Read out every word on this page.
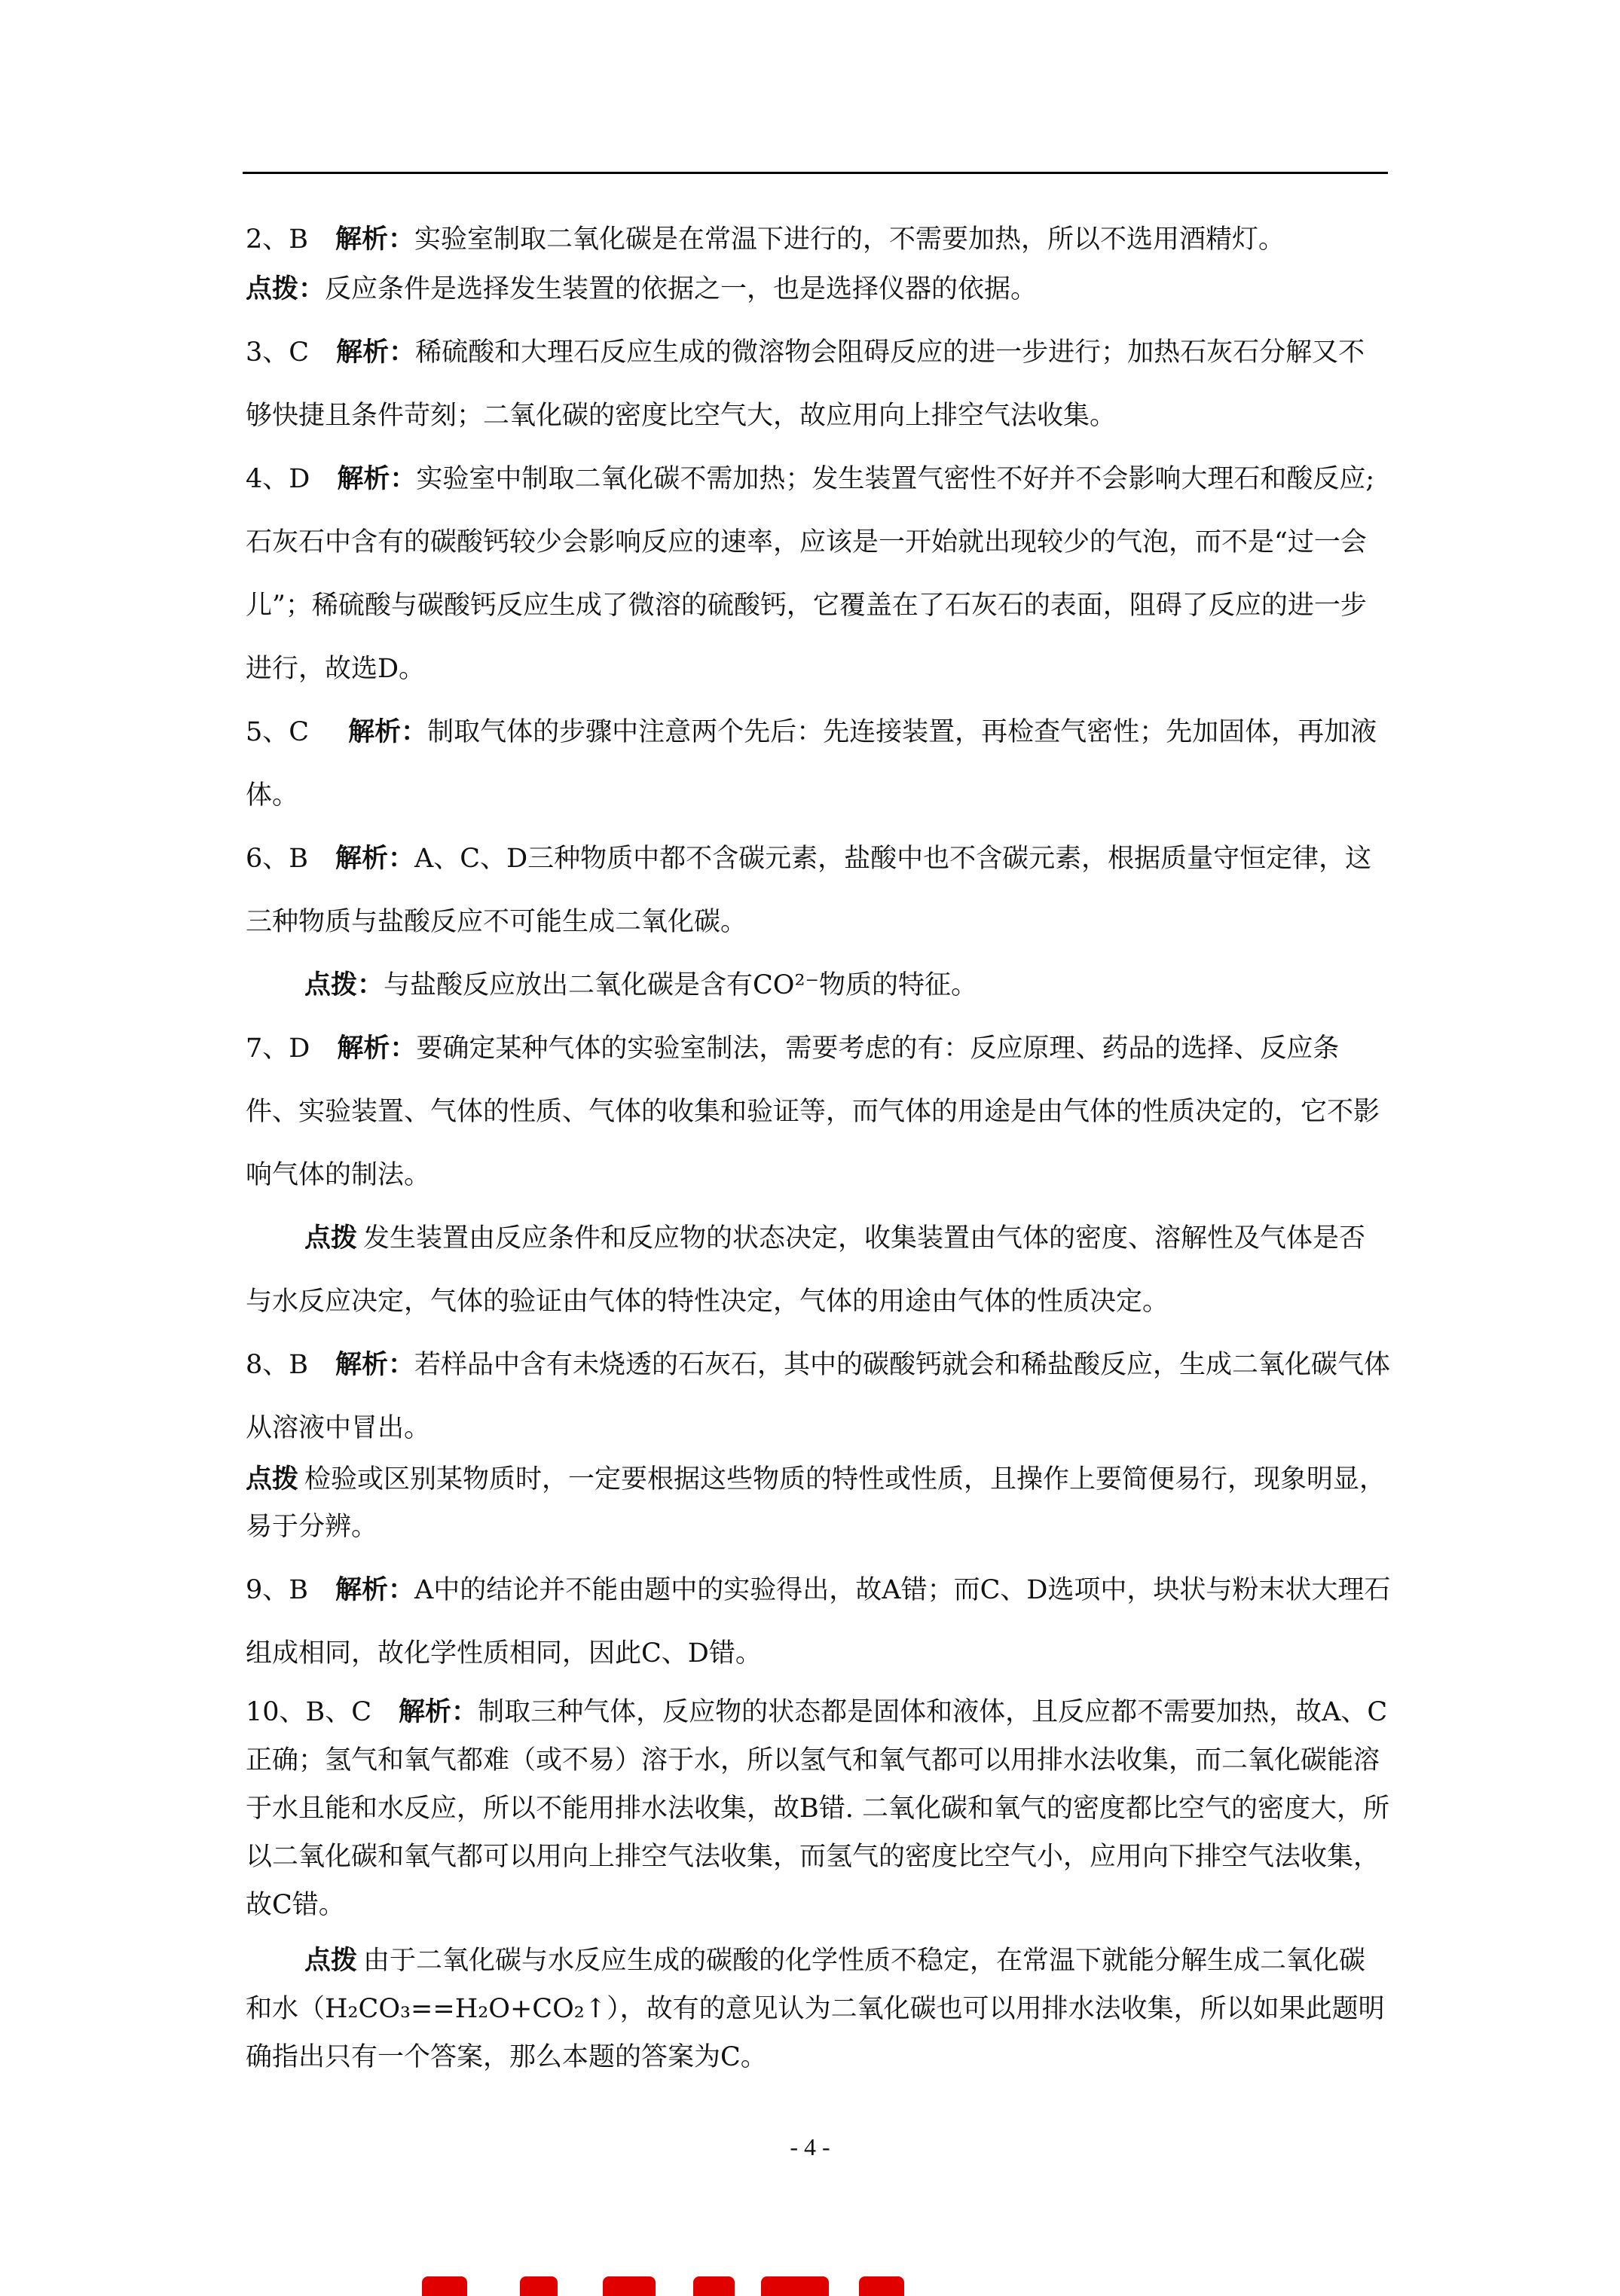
2、B 解析：实验室制取二氧化碳是在常温下进行的，不需要加热，所以不选用酒精灯。

点拨：反应条件是选择发生装置的依据之一，也是选择仪器的依据。

3、C 解析：稀硫酸和大理石反应生成的微溶物会阻碍反应的进一步进行；加热石灰石分解又不够快捷且条件苛刻；二氧化碳的密度比空气大，故应用向上排空气法收集。

4、D 解析：实验室中制取二氧化碳不需加热；发生装置气密性不好并不会影响大理石和酸反应; 石灰石中含有的碳酸钙较少会影响反应的速率，应该是一开始就出现较少的气泡，而不是“过一会儿”；稀硫酸与碳酸钙反应生成了微溶的硫酸钙，它覆盖在了石灰石的表面，阻碍了反应的进一步进行，故选D。

5、C 解析：制取气体的步骤中注意两个先后：先连接装置，再检查气密性；先加固体，再加液体。

6、B 解析：A、C、D三种物质中都不含碳元素，盐酸中也不含碳元素，根据质量守恒定律，这三种物质与盐酸反应不可能生成二氧化碳。

点拨：与盐酸反应放出二氧化碳是含有CO²⁻物质的特征。

7、D 解析：要确定某种气体的实验室制法，需要考虑的有：反应原理、药品的选择、反应条件、实验装置、气体的性质、气体的收集和验证等，而气体的用途是由气体的性质决定的，它不影响气体的制法。

点拨 发生装置由反应条件和反应物的状态决定，收集装置由气体的密度、溶解性及气体是否与水反应决定，气体的验证由气体的特性决定，气体的用途由气体的性质决定。

8、B 解析：若样品中含有未烧透的石灰石，其中的碳酸钙就会和稀盐酸反应，生成二氧化碳气体从溶液中冒出。

点拨 检验或区别某物质时，一定要根据这些物质的特性或性质，且操作上要简便易行，现象明显，易于分辨。

9、B 解析：A中的结论并不能由题中的实验得出，故A错；而C、D选项中，块状与粉末状大理石组成相同，故化学性质相同，因此C、D错。

10、B、C 解析：制取三种气体，反应物的状态都是固体和液体，且反应都不需要加热，故A、C正确；氢气和氧气都难（或不易）溶于水，所以氢气和氧气都可以用排水法收集，而二氧化碳能溶于水且能和水反应，所以不能用排水法收集，故B错. 二氧化碳和氧气的密度都比空气的密度大，所以二氧化碳和氧气都可以用向上排空气法收集，而氢气的密度比空气小，应用向下排空气法收集，故C错。

点拨 由于二氧化碳与水反应生成的碳酸的化学性质不稳定，在常温下就能分解生成二氧化碳和水（H₂CO₃==H₂O+CO₂↑），故有的意见认为二氧化碳也可以用排水法收集，所以如果此题明确指出只有一个答案，那么本题的答案为C。

- 4 -
